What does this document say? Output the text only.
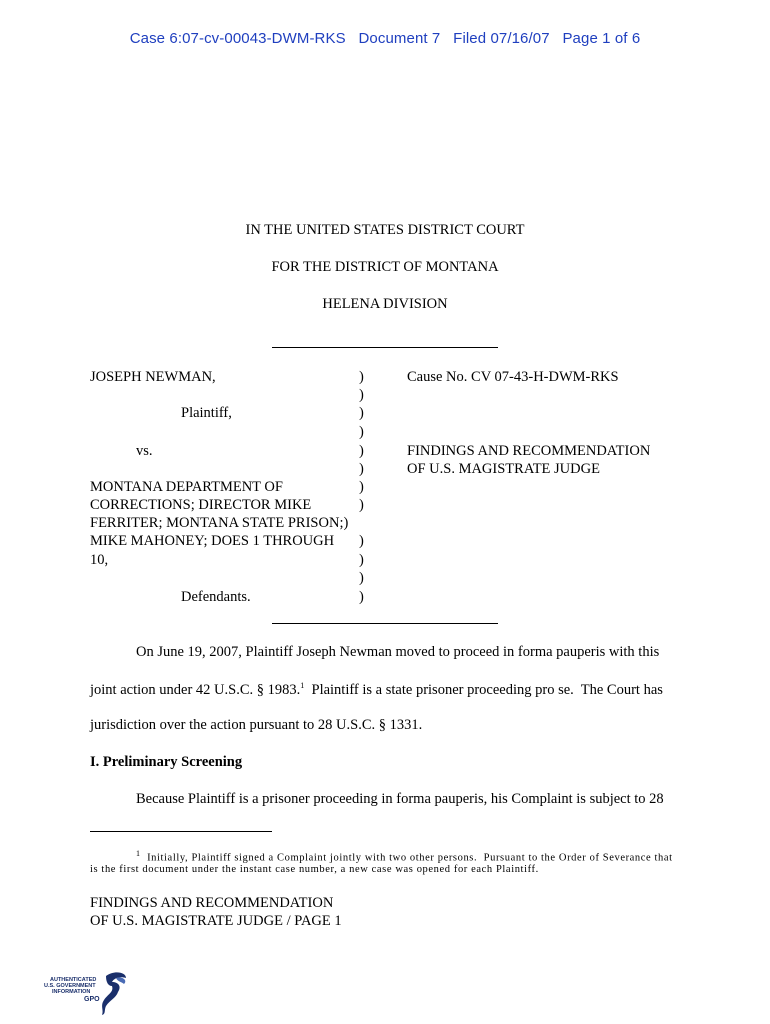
Case 6:07-cv-00043-DWM-RKS   Document 7   Filed 07/16/07   Page 1 of 6
IN THE UNITED STATES DISTRICT COURT
FOR THE DISTRICT OF MONTANA
HELENA DIVISION
JOSEPH NEWMAN,
Plaintiff,
vs.
MONTANA DEPARTMENT OF
CORRECTIONS; DIRECTOR MIKE
FERRITER; MONTANA STATE PRISON;)
MIKE MAHONEY; DOES 1 THROUGH
10,
Defendants.
)
)
)
)
)
)
)
)
)
)
)
)
Cause No. CV 07-43-H-DWM-RKS
FINDINGS AND RECOMMENDATION
OF U.S. MAGISTRATE JUDGE
On June 19, 2007, Plaintiff Joseph Newman moved to proceed in forma pauperis with this
joint action under 42 U.S.C. § 1983.$^1$  Plaintiff is a state prisoner proceeding pro se.  The Court has
jurisdiction over the action pursuant to 28 U.S.C. § 1331.
I. Preliminary Screening
Because Plaintiff is a prisoner proceeding in forma pauperis, his Complaint is subject to 28
$^1$ Initially, Plaintiff signed a Complaint jointly with two other persons.  Pursuant to the Order of Severance that
is the first document under the instant case number, a new case was opened for each Plaintiff.
FINDINGS AND RECOMMENDATION
OF U.S. MAGISTRATE JUDGE / PAGE 1
AUTHENTICATED
U.S. GOVERNMENT
INFORMATION
GPO
